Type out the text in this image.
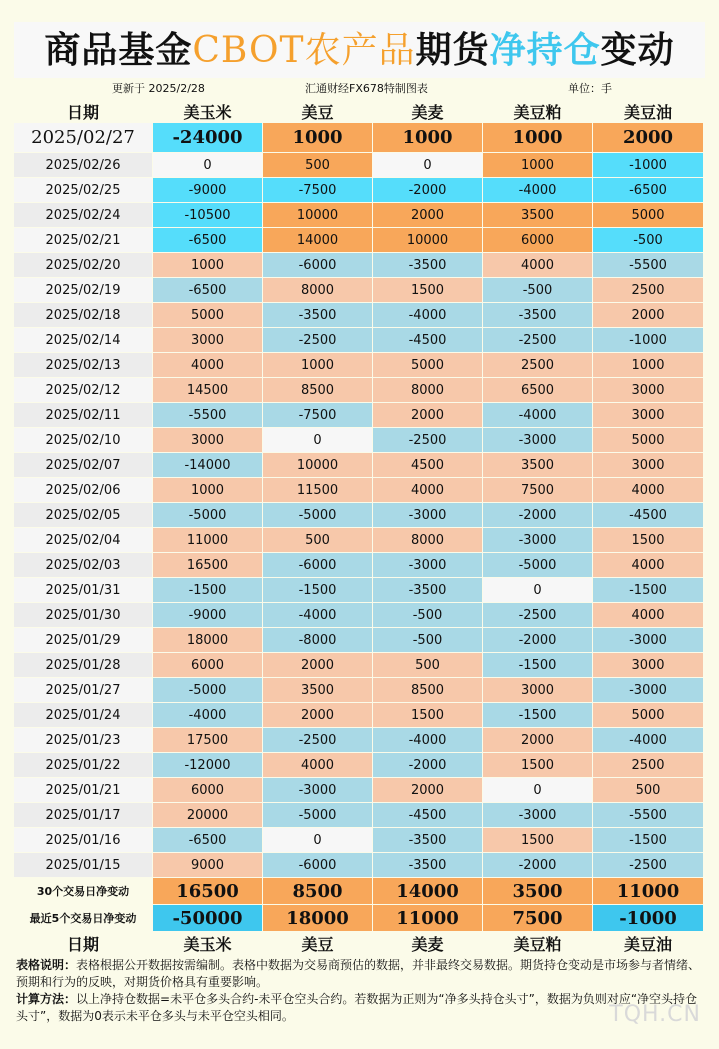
商品基金CBOT农产品期货净持仓变动
更新于 2025/2/28	汇通财经FX678特制图表	单位：手
日期	美玉米	美豆	美麦	美豆粕	美豆油
2025/02/27	-24000	1000	1000	1000	2000
2025/02/26	0	500	0	1000	-1000
2025/02/25	-9000	-7500	-2000	-4000	-6500
2025/02/24	-10500	10000	2000	3500	5000
2025/02/21	-6500	14000	10000	6000	-500
2025/02/20	1000	-6000	-3500	4000	-5500
2025/02/19	-6500	8000	1500	-500	2500
2025/02/18	5000	-3500	-4000	-3500	2000
2025/02/14	3000	-2500	-4500	-2500	-1000
2025/02/13	4000	1000	5000	2500	1000
2025/02/12	14500	8500	8000	6500	3000
2025/02/11	-5500	-7500	2000	-4000	3000
2025/02/10	3000	0	-2500	-3000	5000
2025/02/07	-14000	10000	4500	3500	3000
2025/02/06	1000	11500	4000	7500	4000
2025/02/05	-5000	-5000	-3000	-2000	-4500
2025/02/04	11000	500	8000	-3000	1500
2025/02/03	16500	-6000	-3000	-5000	4000
2025/01/31	-1500	-1500	-3500	0	-1500
2025/01/30	-9000	-4000	-500	-2500	4000
2025/01/29	18000	-8000	-500	-2000	-3000
2025/01/28	6000	2000	500	-1500	3000
2025/01/27	-5000	3500	8500	3000	-3000
2025/01/24	-4000	2000	1500	-1500	5000
2025/01/23	17500	-2500	-4000	2000	-4000
2025/01/22	-12000	4000	-2000	1500	2500
2025/01/21	6000	-3000	2000	0	500
2025/01/17	20000	-5000	-4500	-3000	-5500
2025/01/16	-6500	0	-3500	1500	-1500
2025/01/15	9000	-6000	-3500	-2000	-2500
30个交易日净变动	16500	8500	14000	3500	11000
最近5个交易日净变动	-50000	18000	11000	7500	-1000
日期	美玉米	美豆	美麦	美豆粕	美豆油
表格说明：表格根据公开数据按需编制。表格中数据为交易商预估的数据，并非最终交易数据。期货持仓变动是市场参与者情绪、预期和行为的反映，对期货价格具有重要影响。
计算方法：以上净持仓数据=未平仓多头合约-未平仓空头合约。若数据为正则为“净多头持仓头寸”，数据为负则对应“净空头持仓头寸”，数据为0表示未平仓多头与未平仓空头相同。	TQH.CN
